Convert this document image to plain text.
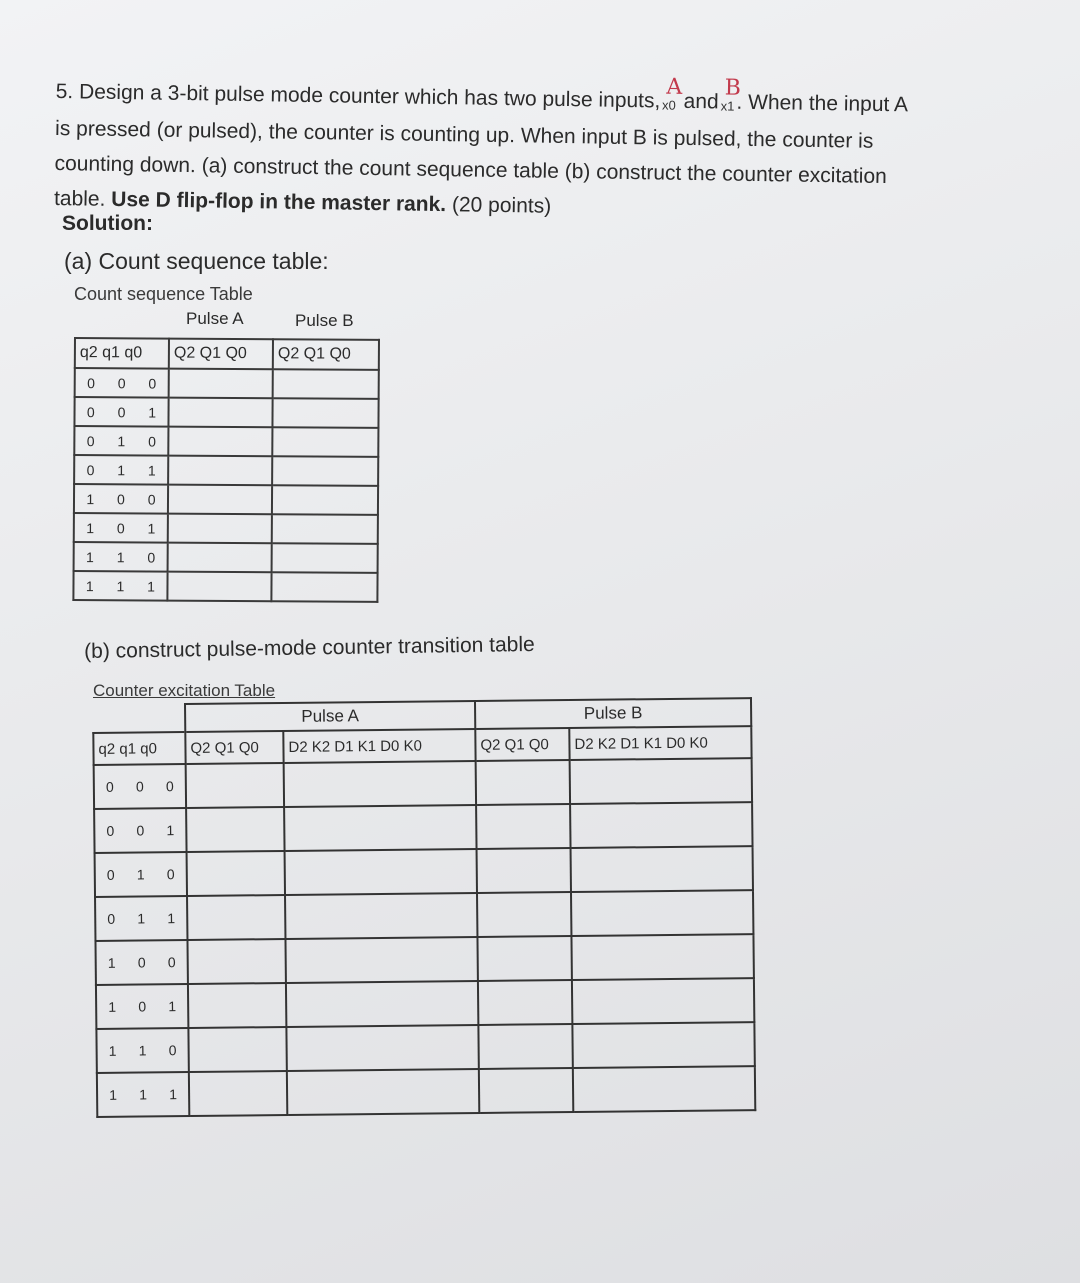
5. Design a 3-bit pulse mode counter which has two pulse inputs, Ax0 and Bx1. When the input A

is pressed (or pulsed), the counter is counting up. When input B is pulsed, the counter is

counting down. (a) construct the count sequence table (b) construct the counter excitation

table. Use D flip-flop in the master rank. (20 points)

Solution:
(a) Count sequence table:
Count sequence Table
Pulse A	Pulse B
q2 q1 q0	Q2 Q1 Q0	Q2 Q1 Q0

0 0 0		

0 0 1		

0 1 0		

0 1 1		

1 0 0		

1 0 1		

1 1 0		

1 1 1		

(b) construct pulse-mode counter transition table
Counter excitation Table
	Pulse A		Pulse B	
q2 q1 q0	Q2 Q1 Q0	D2 K2 D1 K1 D0 K0	Q2 Q1 Q0	D2 K2 D1 K1 D0 K0

0 0 0				

0 0 1				

0 1 0				

0 1 1				

1 0 0				

1 0 1				

1 1 0				

1 1 1				
